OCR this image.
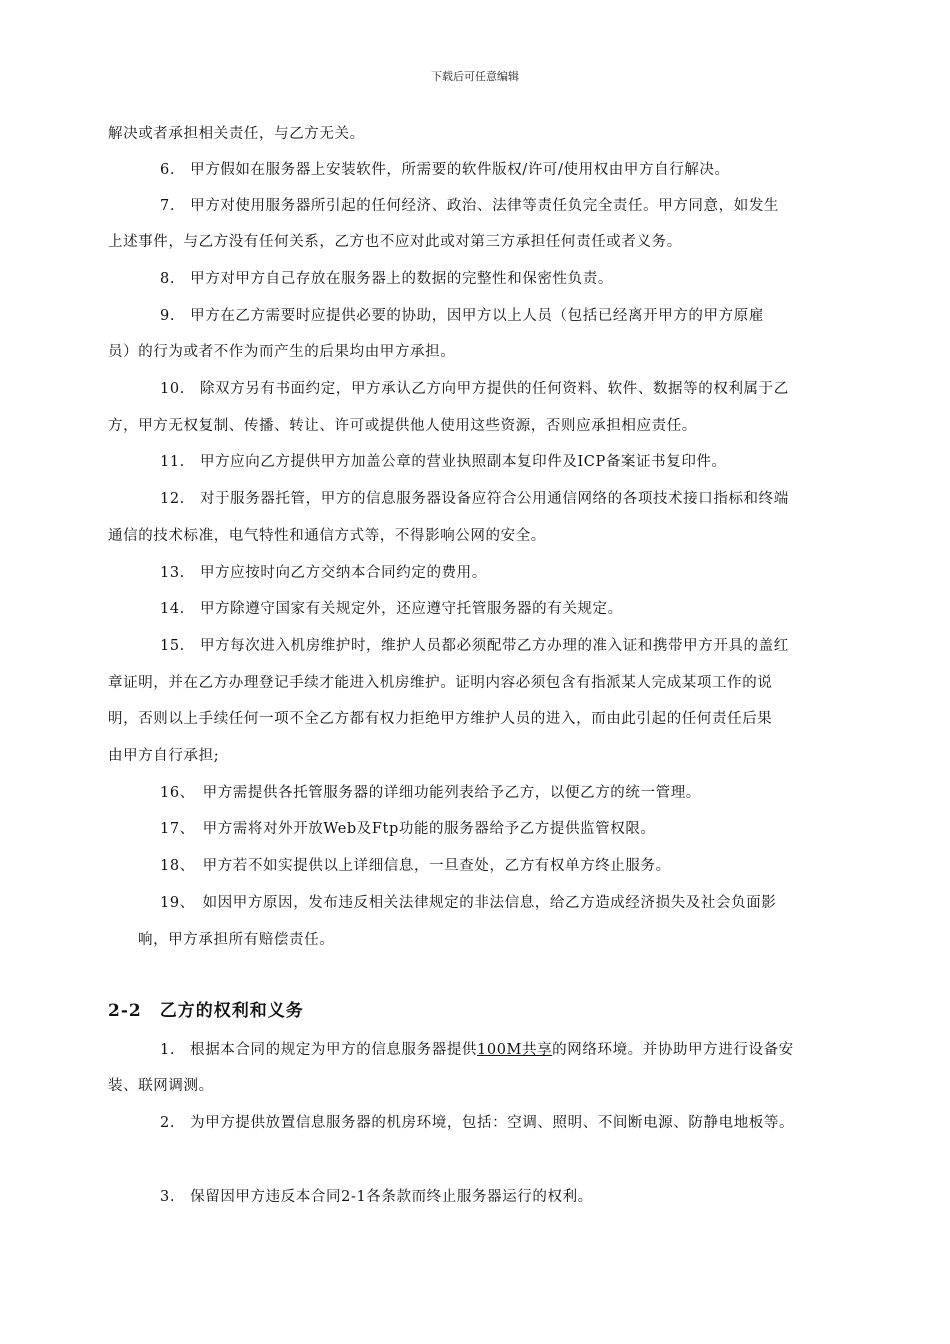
下载后可任意编辑
解决或者承担相关责任，与乙方无关。
6.　甲方假如在服务器上安装软件，所需要的软件版权/许可/使用权由甲方自行解决。
7.　甲方对使用服务器所引起的任何经济、政治、法律等责任负完全责任。甲方同意，如发生
上述事件，与乙方没有任何关系，乙方也不应对此或对第三方承担任何责任或者义务。
8.　甲方对甲方自己存放在服务器上的数据的完整性和保密性负责。
9.　甲方在乙方需要时应提供必要的协助，因甲方以上人员（包括已经离开甲方的甲方原雇
员）的行为或者不作为而产生的后果均由甲方承担。
10.　除双方另有书面约定，甲方承认乙方向甲方提供的任何资料、软件、数据等的权利属于乙
方，甲方无权复制、传播、转让、许可或提供他人使用这些资源，否则应承担相应责任。
11.　甲方应向乙方提供甲方加盖公章的营业执照副本复印件及ICP备案证书复印件。
12.　对于服务器托管，甲方的信息服务器设备应符合公用通信网络的各项技术接口指标和终端
通信的技术标准，电气特性和通信方式等，不得影响公网的安全。
13.　甲方应按时向乙方交纳本合同约定的费用。
14.　甲方除遵守国家有关规定外，还应遵守托管服务器的有关规定。
15.　甲方每次进入机房维护时，维护人员都必须配带乙方办理的准入证和携带甲方开具的盖红
章证明，并在乙方办理登记手续才能进入机房维护。证明内容必须包含有指派某人完成某项工作的说
明，否则以上手续任何一项不全乙方都有权力拒绝甲方维护人员的进入，而由此引起的任何责任后果
由甲方自行承担;
16、　甲方需提供各托管服务器的详细功能列表给予乙方，以便乙方的统一管理。
17、　甲方需将对外开放Web及Ftp功能的服务器给予乙方提供监管权限。
18、　甲方若不如实提供以上详细信息，一旦查处，乙方有权单方终止服务。
19、　如因甲方原因，发布违反相关法律规定的非法信息，给乙方造成经济损失及社会负面影
响，甲方承担所有赔偿责任。
2-2　乙方的权利和义务
1.　根据本合同的规定为甲方的信息服务器提供100M共享的网络环境。并协助甲方进行设备安
装、联网调测。
2.　为甲方提供放置信息服务器的机房环境，包括：空调、照明、不间断电源、防静电地板等。
3.　保留因甲方违反本合同2-1各条款而终止服务器运行的权利。
